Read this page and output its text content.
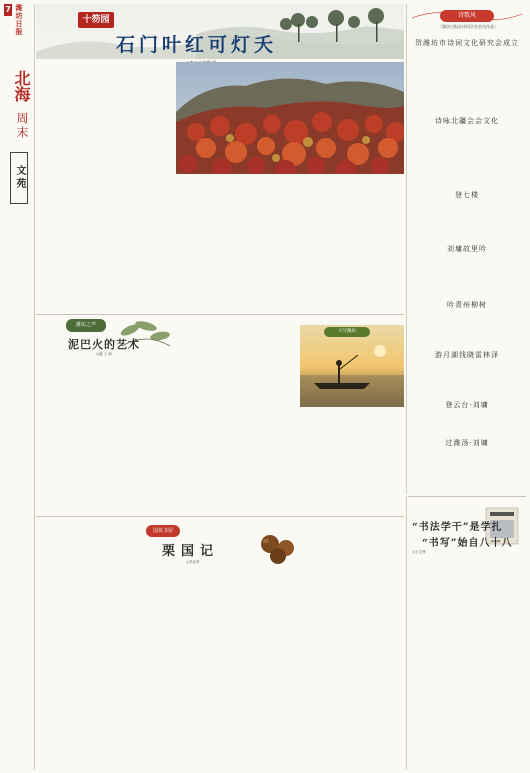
7 潍坊日报
北海
周末
文苑
十笏园
石门叶红可灯夭
诗歌风
（潍坊日报社诗词学会会员作品）
贺潍坊市诗词文化研究会成立
诗咏北疆会会文化
登七楼
刘墉故里吟
吟青州柳树
游月湖钱晓雷林泽
登云台·刘墉
过潍汤·刘墉
潍坊之声
泥巴火的艺术
◎潍 王 海
大写潍坊
国故书屋
栗国记
◎李亚青
“书法学干”是学扎
“书写”始自八十八
◎王文博
